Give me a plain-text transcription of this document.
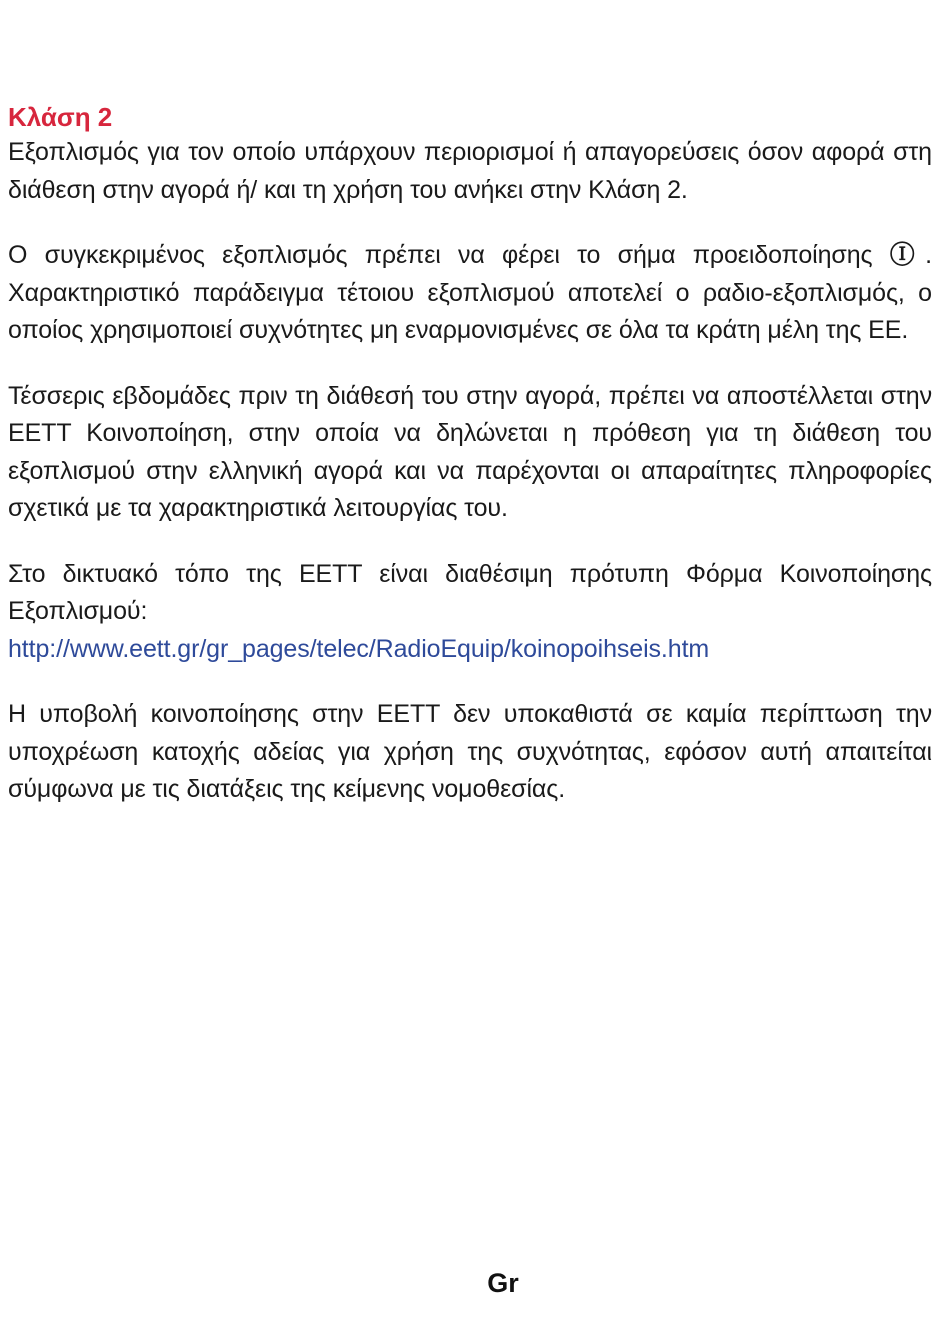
Κλάση 2

Εξοπλισμός για τον οποίο υπάρχουν περιορισμοί ή απαγορεύσεις όσον αφορά στη διάθεση στην αγορά ή/ και τη χρήση του ανήκει στην Κλάση 2.

Ο συγκεκριμένος εξοπλισμός πρέπει να φέρει το σήμα προειδοποίησης Ⓘ. Χαρακτηριστικό παράδειγμα τέτοιου εξοπλισμού αποτελεί ο ραδιο-εξοπλισμός, ο οποίος χρησιμοποιεί συχνότητες μη εναρμονισμένες σε όλα τα κράτη μέλη της ΕΕ.

Τέσσερις εβδομάδες πριν τη διάθεσή του στην αγορά, πρέπει να αποστέλλεται στην ΕΕΤΤ Κοινοποίηση, στην οποία να δηλώνεται η πρόθεση για τη διάθεση του εξοπλισμού στην ελληνική αγορά και να παρέχονται οι απαραίτητες πληροφορίες σχετικά με τα χαρακτηριστικά λειτουργίας του.

Στο δικτυακό τόπο της ΕΕΤΤ είναι διαθέσιμη πρότυπη Φόρμα Κοινοποίησης Εξοπλισμού:
http://www.eett.gr/gr_pages/telec/RadioEquip/koinopoihseis.htm

Η υποβολή κοινοποίησης στην ΕΕΤΤ δεν υποκαθιστά σε καμία περίπτωση την υποχρέωση κατοχής αδείας για χρήση της συχνότητας, εφόσον αυτή απαιτείται σύμφωνα με τις διατάξεις της κείμενης νομοθεσίας.

Gr
